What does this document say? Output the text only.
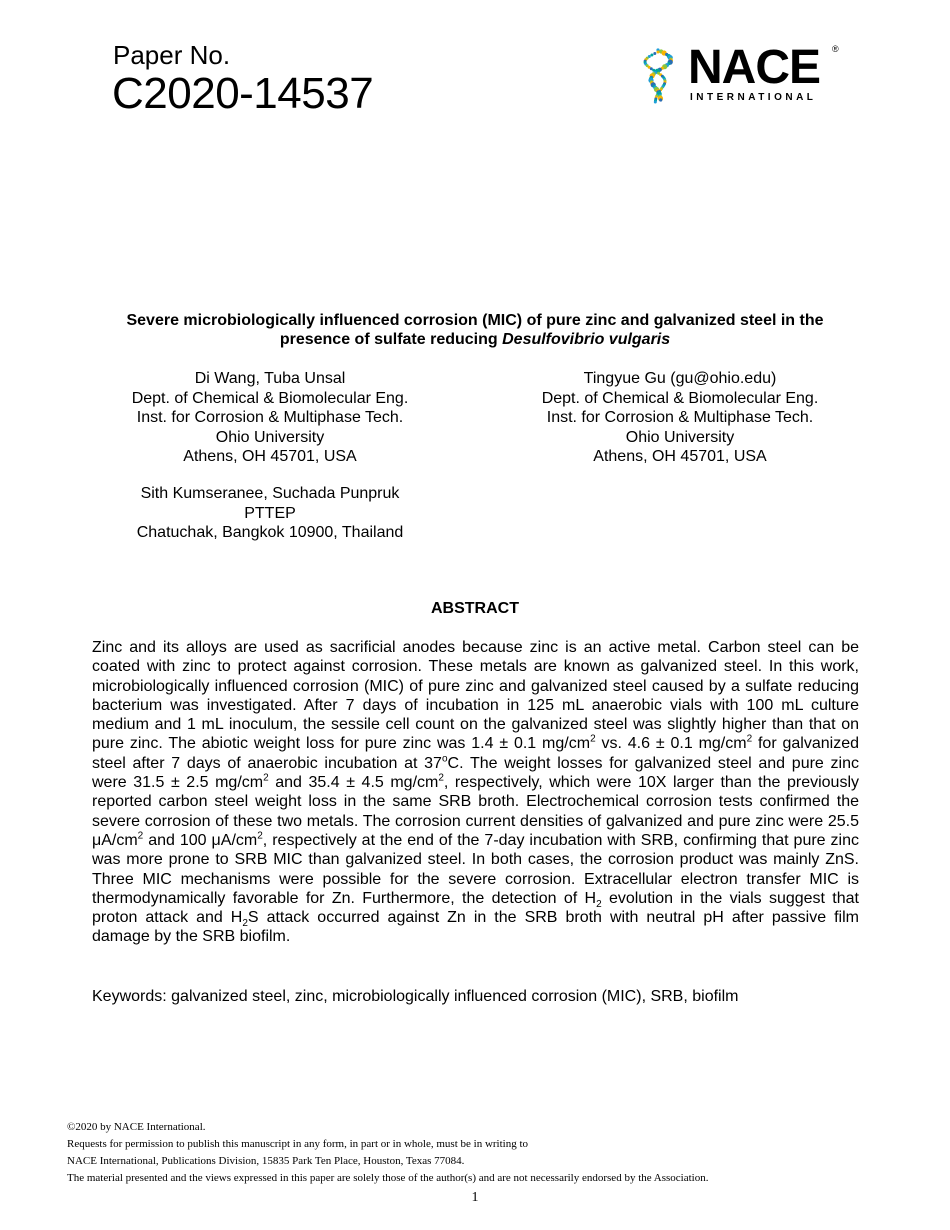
Paper No.
C2020-14537	NACE ®
INTERNATIONAL
Severe microbiologically influenced corrosion (MIC) of pure zinc and galvanized steel in the presence of sulfate reducing Desulfovibrio vulgaris
Di Wang, Tuba Unsal
Dept. of Chemical & Biomolecular Eng.
Inst. for Corrosion & Multiphase Tech.
Ohio University
Athens, OH 45701, USA
Tingyue Gu (gu@ohio.edu)
Dept. of Chemical & Biomolecular Eng.
Inst. for Corrosion & Multiphase Tech.
Ohio University
Athens, OH 45701, USA
Sith Kumseranee, Suchada Punpruk
PTTEP
Chatuchak, Bangkok 10900, Thailand
ABSTRACT
Zinc and its alloys are used as sacrificial anodes because zinc is an active metal. Carbon steel can be coated with zinc to protect against corrosion. These metals are known as galvanized steel. In this work, microbiologically influenced corrosion (MIC) of pure zinc and galvanized steel caused by a sulfate reducing bacterium was investigated. After 7 days of incubation in 125 mL anaerobic vials with 100 mL culture medium and 1 mL inoculum, the sessile cell count on the galvanized steel was slightly higher than that on pure zinc. The abiotic weight loss for pure zinc was 1.4 ± 0.1 $mg/cm^2$ vs. 4.6 ± 0.1 $mg/cm^2$ for galvanized steel after 7 days of anaerobic incubation at 37$^o$C. The weight losses for galvanized steel and pure zinc were 31.5 ± 2.5 $mg/cm^2$ and 35.4 ± 4.5 $mg/cm^2$, respectively, which were 10X larger than the previously reported carbon steel weight loss in the same SRB broth. Electrochemical corrosion tests confirmed the severe corrosion of these two metals. The corrosion current densities of galvanized and pure zinc were 25.5 $\mu A/cm^2$ and 100 $\mu A/cm^2$, respectively at the end of the 7-day incubation with SRB, confirming that pure zinc was more prone to SRB MIC than galvanized steel. In both cases, the corrosion product was mainly ZnS. Three MIC mechanisms were possible for the severe corrosion. Extracellular electron transfer MIC is thermodynamically favorable for Zn. Furthermore, the detection of $H_2$ evolution in the vials suggest that proton attack and $H_2S$ attack occurred against Zn in the SRB broth with neutral pH after passive film damage by the SRB biofilm.
Keywords: galvanized steel, zinc, microbiologically influenced corrosion (MIC), SRB, biofilm
©2020 by NACE International.
Requests for permission to publish this manuscript in any form, in part or in whole, must be in writing to
NACE International, Publications Division, 15835 Park Ten Place, Houston, Texas 77084.
The material presented and the views expressed in this paper are solely those of the author(s) and are not necessarily endorsed by the Association.
1
